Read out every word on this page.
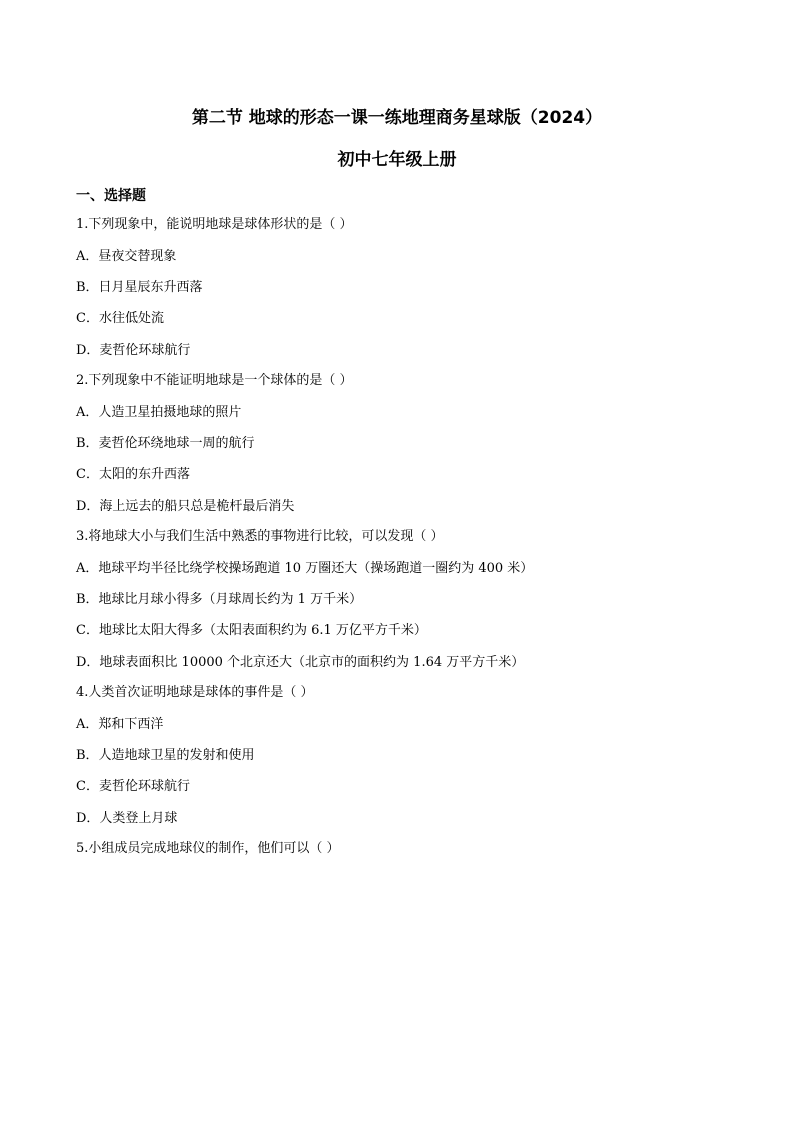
第二节 地球的形态一课一练地理商务星球版（2024）
初中七年级上册
一、选择题
1.下列现象中，能说明地球是球体形状的是（ ）
A．昼夜交替现象
B．日月星辰东升西落
C．水往低处流
D．麦哲伦环球航行
2.下列现象中不能证明地球是一个球体的是（ ）
A．人造卫星拍摄地球的照片
B．麦哲伦环绕地球一周的航行
C．太阳的东升西落
D．海上远去的船只总是桅杆最后消失
3.将地球大小与我们生活中熟悉的事物进行比较，可以发现（ ）
A．地球平均半径比绕学校操场跑道 10 万圈还大（操场跑道一圈约为 400 米）
B．地球比月球小得多（月球周长约为 1 万千米）
C．地球比太阳大得多（太阳表面积约为 6.1 万亿平方千米）
D．地球表面积比 10000 个北京还大（北京市的面积约为 1.64 万平方千米）
4.人类首次证明地球是球体的事件是（ ）
A．郑和下西洋
B．人造地球卫星的发射和使用
C．麦哲伦环球航行
D．人类登上月球
5.小组成员完成地球仪的制作，他们可以（ ）
